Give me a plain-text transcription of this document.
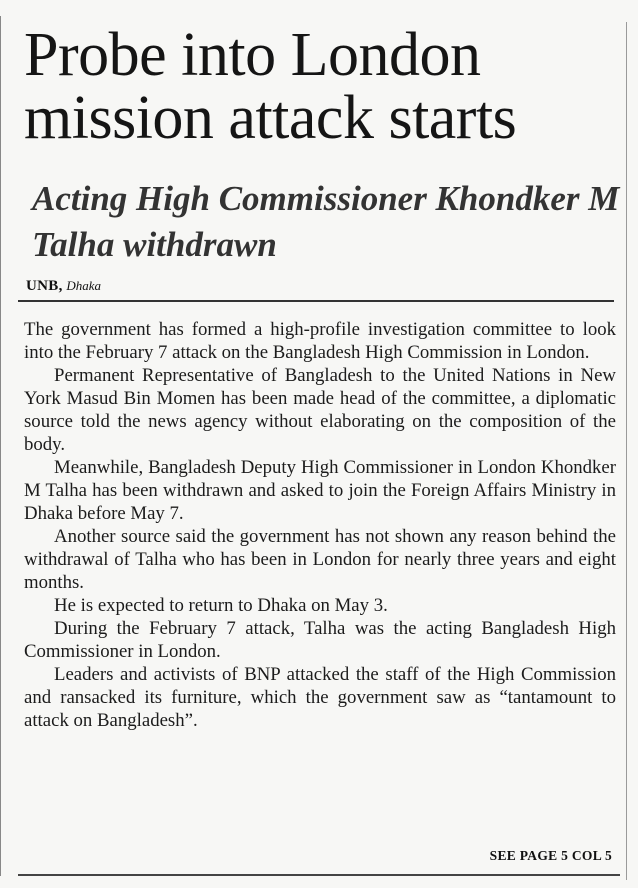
Probe into London mission attack starts
Acting High Commissioner Khondker M Talha withdrawn
UNB, Dhaka

The government has formed a high-profile investigation committee to look into the February 7 attack on the Bangladesh High Commission in London.

Permanent Representative of Bangladesh to the United Nations in New York Masud Bin Momen has been made head of the committee, a diplomatic source told the news agency without elaborating on the composition of the body.

Meanwhile, Bangladesh Deputy High Commissioner in London Khondker M Talha has been withdrawn and asked to join the Foreign Affairs Ministry in Dhaka before May 7.

Another source said the government has not shown any reason behind the withdrawal of Talha who has been in London for nearly three years and eight months.

He is expected to return to Dhaka on May 3.

During the February 7 attack, Talha was the acting Bangladesh High Commissioner in London.

Leaders and activists of BNP attacked the staff of the High Commission and ransacked its furniture, which the government saw as “tantamount to attack on Bangladesh”.

SEE PAGE 5 COL 5
